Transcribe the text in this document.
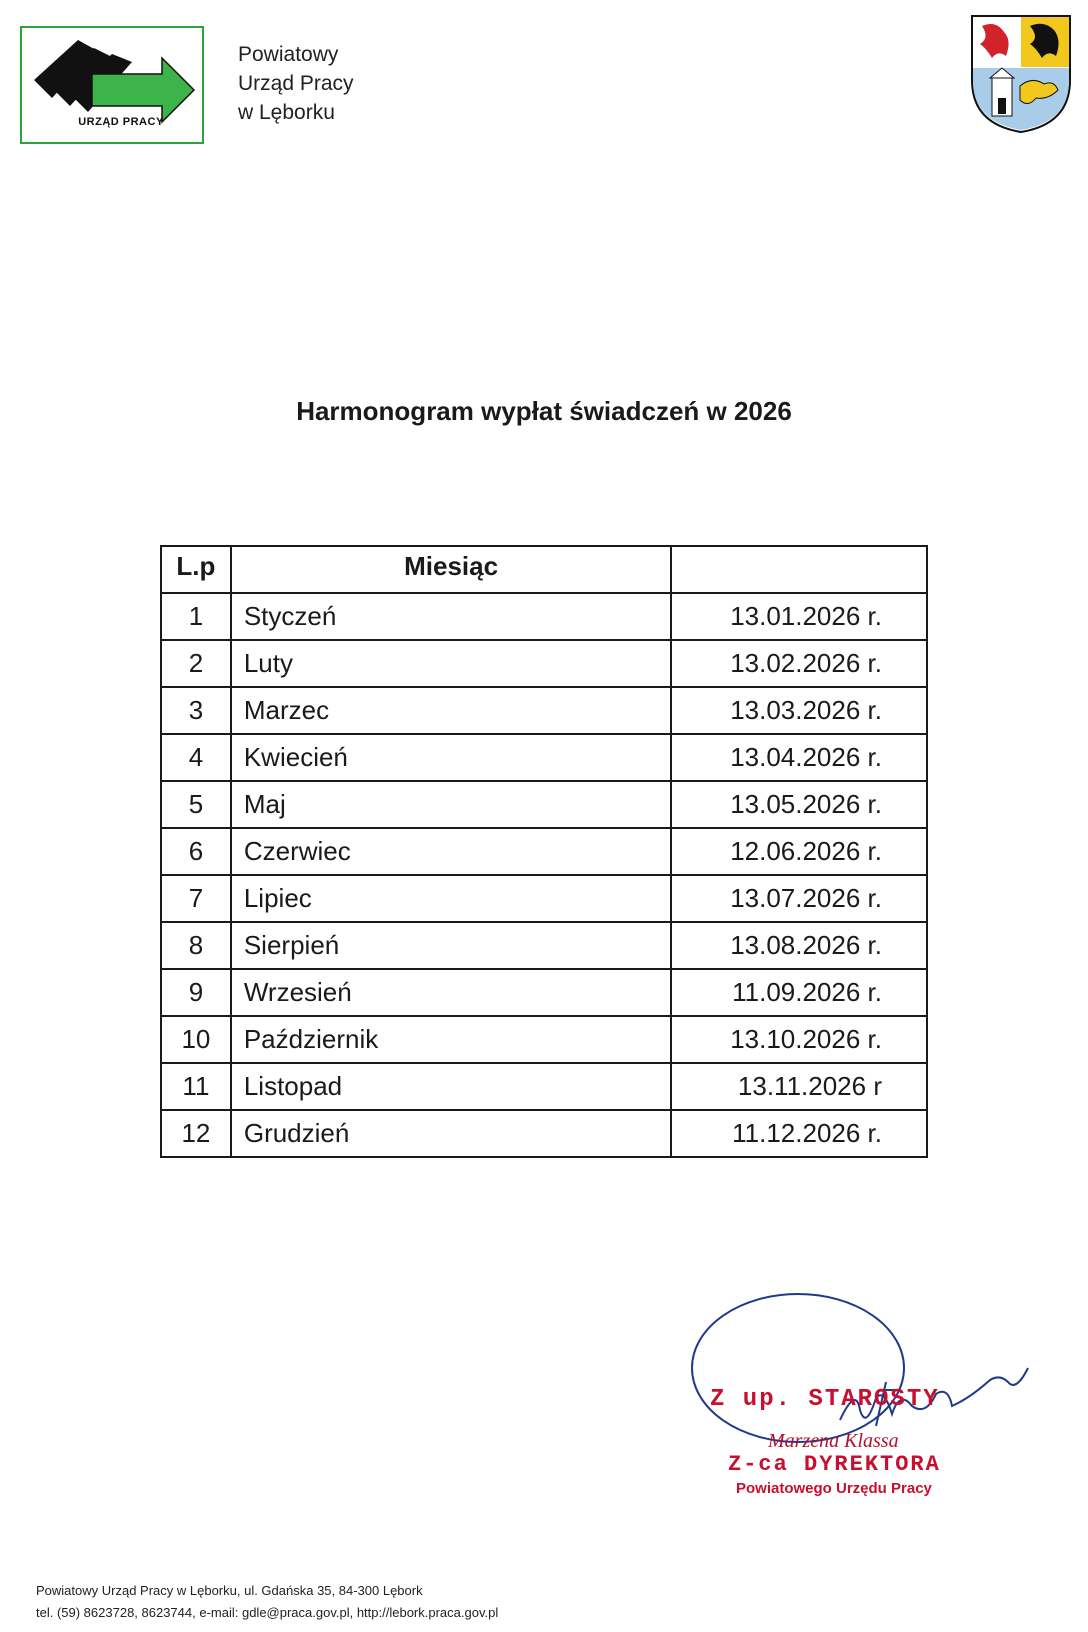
URZĄD PRACY
Powiatowy
Urząd Pracy
w Lęborku
Harmonogram wypłat świadczeń w 2026
L.p	Miesiąc	
1	Styczeń	13.01.2026 r.
2	Luty	13.02.2026 r.
3	Marzec	13.03.2026 r.
4	Kwiecień	13.04.2026 r.
5	Maj	13.05.2026 r.
6	Czerwiec	12.06.2026 r.
7	Lipiec	13.07.2026 r.
8	Sierpień	13.08.2026 r.
9	Wrzesień	11.09.2026 r.
10	Październik	13.10.2026 r.
11	Listopad	13.11.2026 r
12	Grudzień	11.12.2026 r.
Z up. STAROSTY
Marzena Klassa
Z-ca DYREKTORA
Powiatowego Urzędu Pracy
Powiatowy Urząd Pracy w Lęborku, ul. Gdańska 35, 84-300 Lębork
tel. (59) 8623728, 8623744, e-mail: gdle@praca.gov.pl, http://lebork.praca.gov.pl
